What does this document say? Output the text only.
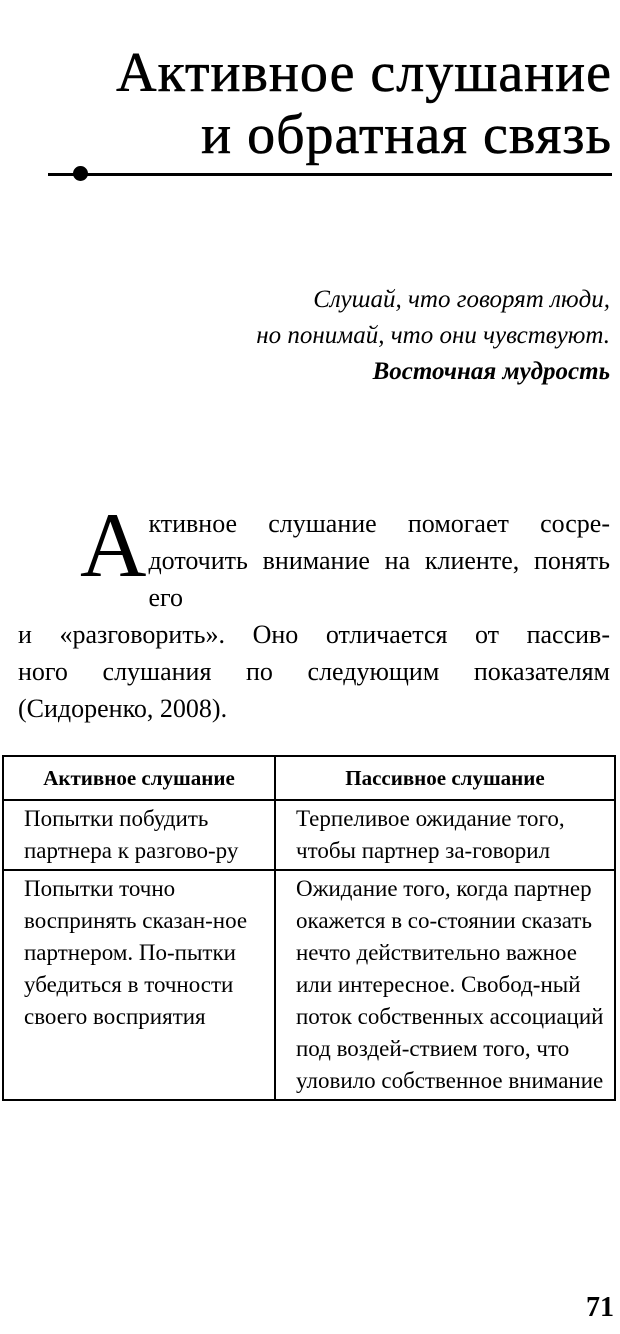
Активное слушание
и обратная связь
Слушай, что говорят люди,
но понимай, что они чувствуют.
Восточная мудрость
А ктивное слушание помогает сосре-
доточить внимание на клиенте, понять его
и «разговорить». Оно отличается от пассив-
ного слушания по следующим показателям
(Сидоренко, 2008).
Активное слушание	Пассивное слушание
Попытки побудить партнера к разгово-ру	Терпеливое ожидание того, чтобы партнер за-говорил
Попытки точно воспринять сказан-ное партнером. По-пытки убедиться в точности своего восприятия	Ожидание того, когда партнер окажется в со-стоянии сказать нечто действительно важное или интересное. Свобод-ный поток собственных ассоциаций под воздей-ствием того, что уловило собственное внимание
71
